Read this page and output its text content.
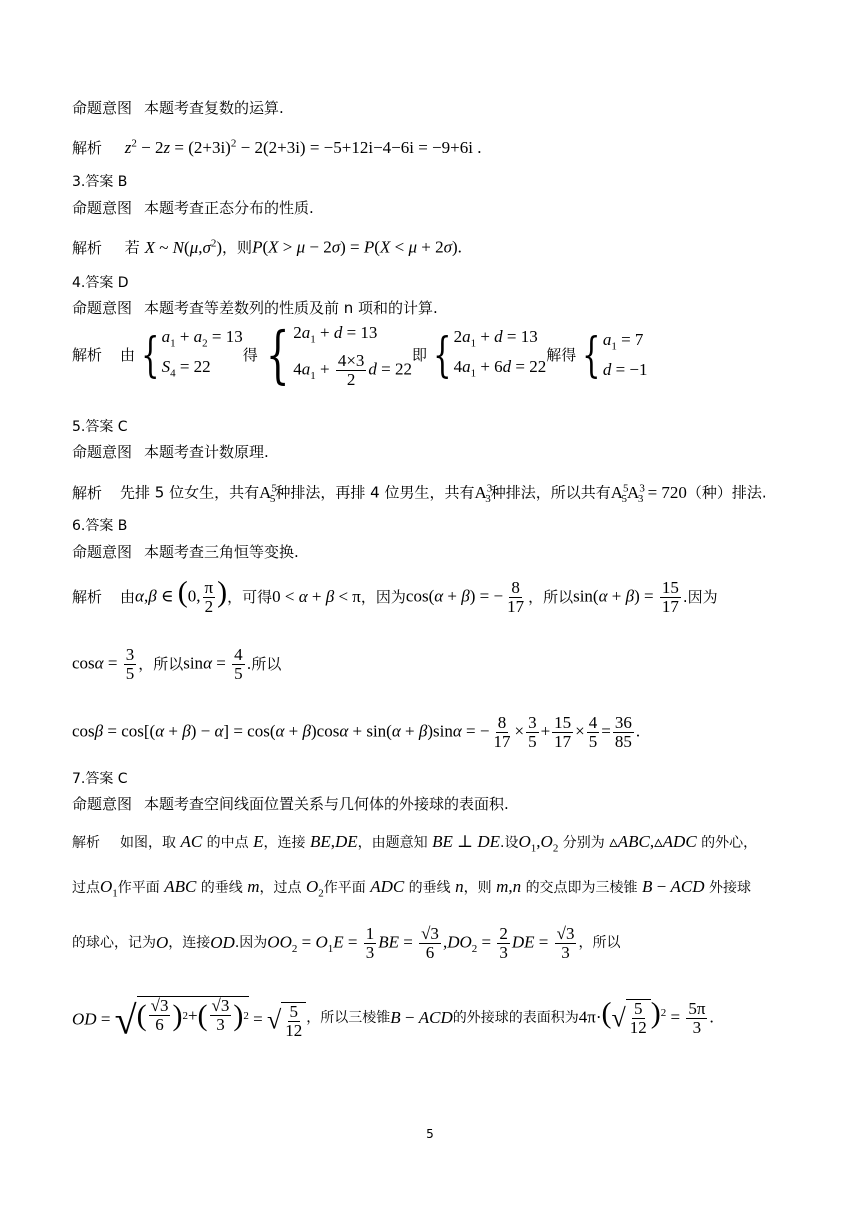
命题意图 本题考查复数的运算.
解析 $z^2 - 2z = (2+3i)^2 - 2(2+3i) = -5+12i-4-6i = -9+6i$ .
3.答案 B
命题意图 本题考查正态分布的性质.
解析 若 X ~ $N(\mu,\sigma^2)$，则P(X > μ − 2σ) = P(X < μ + 2σ).
4.答案 D
命题意图 本题考查等差数列的性质及前 n 项和的计算.
解析	由 { $a_1 + a_2 = 13$
$S_4 = 22$
得 { $2a_1 + d = 13$
$4a_1 + \frac{4\times 3}{2}$ d = 22
即 { $2a_1 + d = 13$
$4a_1 + 6d = 22$
解得 { $a_1 = 7$
d = −1
5.答案 C
命题意图 本题考查计数原理.
解析 先排 5 位女生，共有$A^5_5$种排法，再排 4 位男生，共有$A^3_3$种排法，所以共有$A^5_5A^3_3 = 720$（种）排法.
6.答案 B
命题意图 本题考查三角恒等变换.
解析	由 α,β ∈ (0, $\frac{\pi}{2}$ ) ，可得 0 < α + β < π ，因为 cos(α + β) = − $\frac{8}{17}$ ，所以 $\sin(\alpha + \beta) = \frac{15}{17}$ .因为
$\cos\alpha = \frac{3}{5}$ ，所以 $\sin\alpha = \frac{4}{5}$ .所以
cosβ = cos[(α + β) − α] = cos(α + β)cosα + sin(α + β)sinα = − $\frac{8}{17} \times \frac{3}{5} + \frac{15}{17} \times \frac{4}{5} = \frac{36}{85}$ .
7.答案 C
命题意图 本题考查空间线面位置关系与几何体的外接球的表面积.
解析 如图，取 AC 的中点 E，连接 BE,DE，由题意知 BE ⊥ DE.设$O_1,O_2$ 分别为 ▵ABC,▵ADC 的外心，
过点$O_1$作平面 ABC 的垂线 m，过点 $O_2$作平面 ADC 的垂线 n，则 m,n 的交点即为三棱锥 B − ACD 外接球
的球心，记为 O ，连接 OD .因为 $OO_2 = O_1E = \frac{1}{3}$ BE = $\frac{√3}{6} ,DO_2 = \frac{2}{3}$ DE = $\frac{√3}{3}$ ，所以
OD = √ ( $\frac{√3}{6}$ ) 2 + ( $\frac{√3}{3}$ ) 2 = √ $\frac{5}{12}$ ，所以三棱锥 B − ACD 的外接球的表面积为 $4\pi\cdot(√ \frac{5}{12} )^2 = \frac{5\pi}{3}$ .
5
